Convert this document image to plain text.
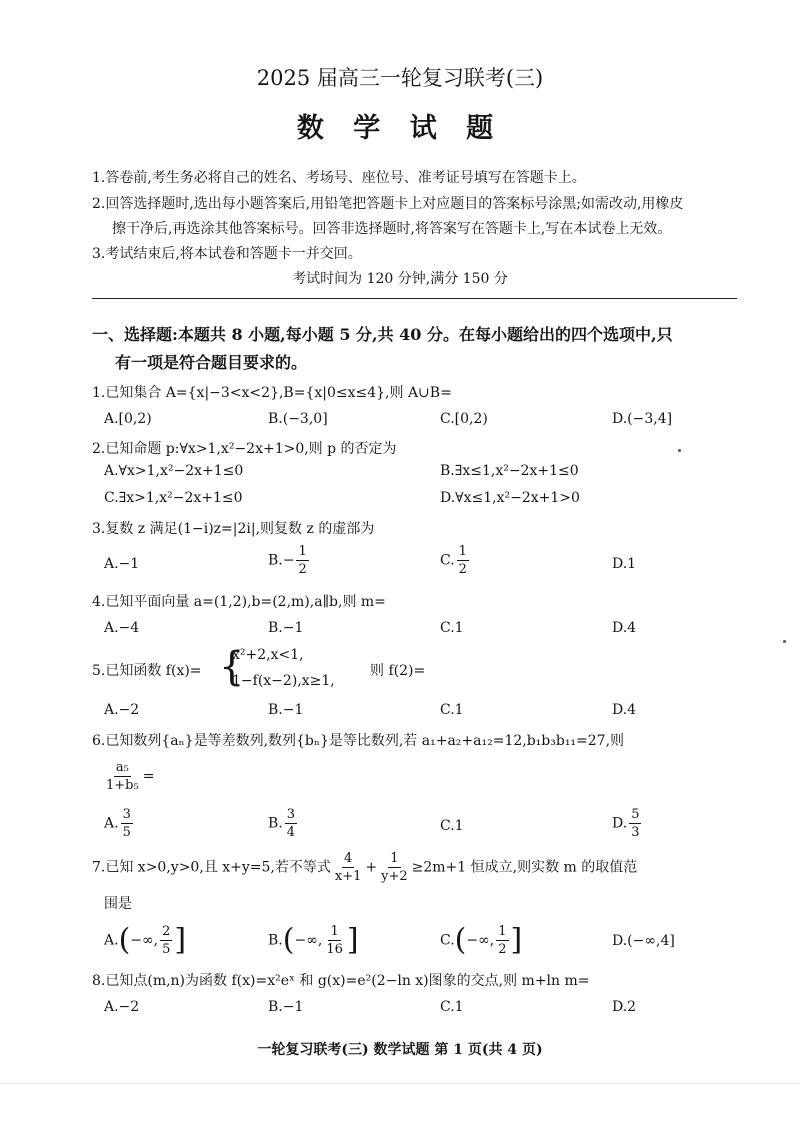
2025 届高三一轮复习联考(三)
数 学 试 题
1.答卷前,考生务必将自己的姓名、考场号、座位号、准考证号填写在答题卡上。
2.回答选择题时,选出每小题答案后,用铅笔把答题卡上对应题目的答案标号涂黑;如需改动,用橡皮
擦干净后,再选涂其他答案标号。回答非选择题时,将答案写在答题卡上,写在本试卷上无效。
3.考试结束后,将本试卷和答题卡一并交回。
考试时间为 120 分钟,满分 150 分
一、选择题:本题共 8 小题,每小题 5 分,共 40 分。在每小题给出的四个选项中,只
有一项是符合题目要求的。
1.已知集合 A={x|−3<x<2},B={x|0≤x≤4},则 A∪B=
A.[0,2)	B.(−3,0]	C.[0,2)	D.(−3,4]
2.已知命题 p:∀x>1,x²−2x+1>0,则 p 的否定为
A.∀x>1,x²−2x+1≤0	B.∃x≤1,x²−2x+1≤0
C.∃x>1,x²−2x+1≤0	D.∀x≤1,x²−2x+1>0
3.复数 z 满足(1−i)z=|2i|,则复数 z 的虚部为
A.−1	$B.- \frac{1}{2}$	C. $\frac{1}{2}$	D.1
4.已知平面向量 a=(1,2),b=(2,m),a∥b,则 m=
A.−4	B.−1	C.1	D.4
5.已知函数 f(x)= {
x²+2,x<1,
1−f(x−2),x≥1,
则 f(2)=
A.−2	B.−1	C.1	D.4
6.已知数列{aₙ}是等差数列,数列{bₙ}是等比数列,若 a₁+a₂+a₁₂=12,b₁b₃b₁₁=27,则
$\frac{\text{a₅}}{\text{1+b₅}}$ =
A. $\frac{3}{5}$	B. $\frac{3}{4}$	C.1	D. $\frac{5}{3}$
7.已知 x>0,y>0,且 x+y=5,若不等式 $\frac{4}{x+1} + \frac{1}{y+2} \ge 2m+1$ 恒成立,则实数 m 的取值范
围是
A.(−∞, $\frac{2}{5}$ ]	B.(−∞, $\frac{1}{16}$ ]	C.(−∞, $\frac{1}{2}$ ]	D.(−∞,4]
8.已知点(m,n)为函数 f(x)=x²eˣ 和 g(x)=e²(2−ln x)图象的交点,则 m+ln m=
A.−2	B.−1	C.1	D.2
一轮复习联考(三) 数学试题 第 1 页(共 4 页)
